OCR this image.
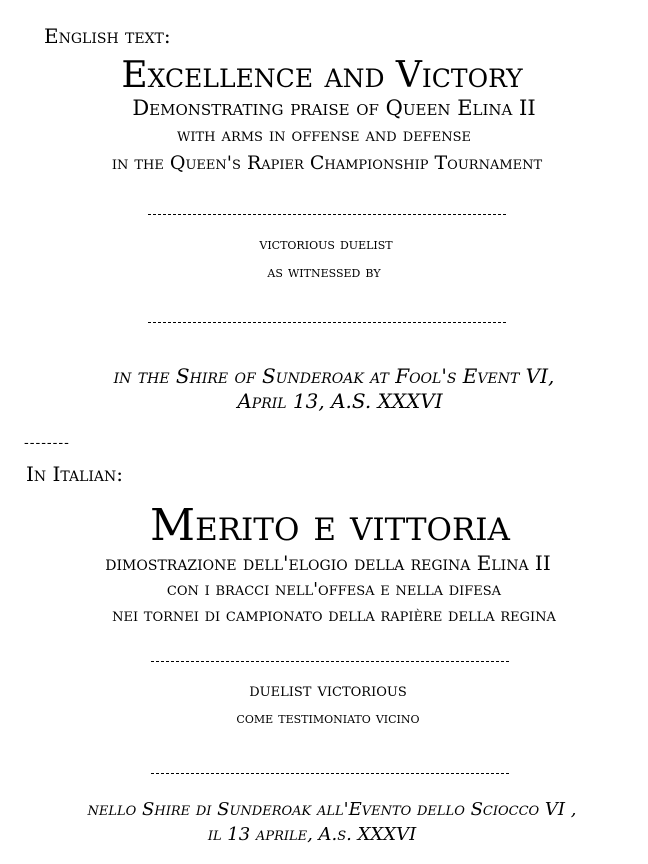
English text:
Excellence and Victory
Demonstrating praise of Queen Elina II
with arms in offense and defense
in the Queen's Rapier Championship Tournament
victorious duelist
as witnessed by
in the Shire of Sunderoak at Fool's Event VI,
April 13, A.S. XXXVI
--------
In Italian:
Merito e vittoria
dimostrazione dell'elogio della regina Elina II
con i bracci nell'offesa e nella difesa
nei tornei di campionato della rapière della regina
duelist victorious
come testimoniato vicino
nello Shire di Sunderoak all'Evento dello Sciocco VI ,
il 13 aprile, A.s. XXXVI
